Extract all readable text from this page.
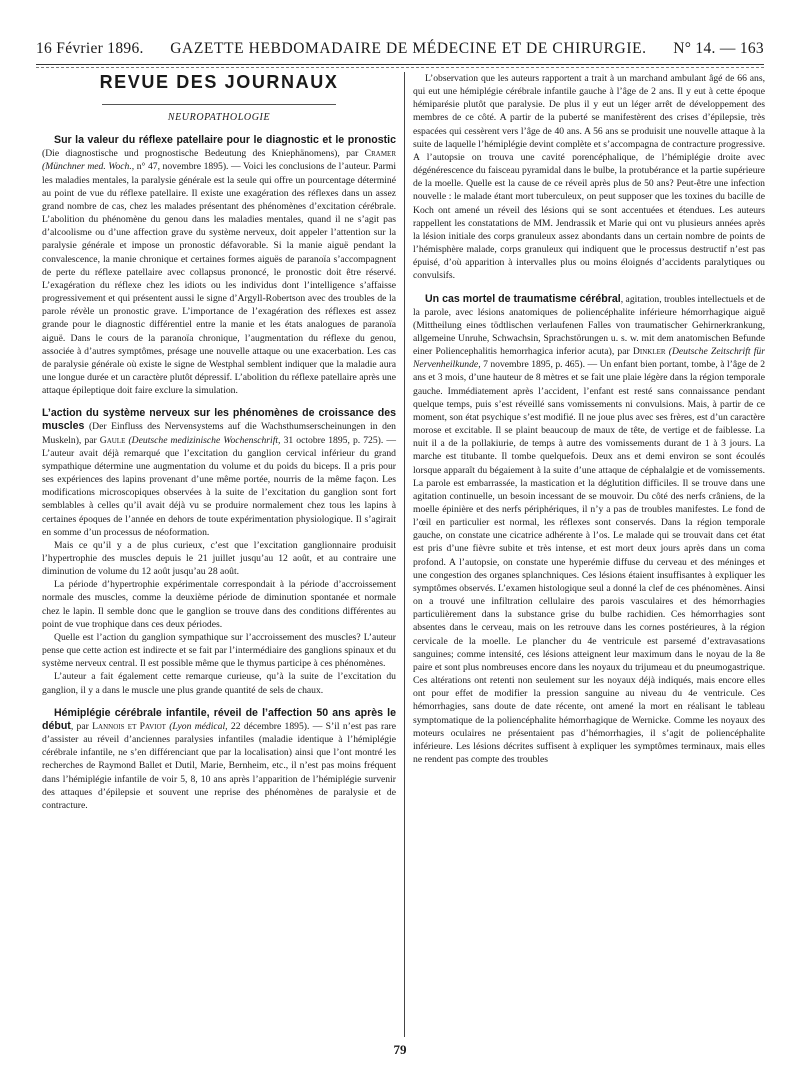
16 Février 1896. GAZETTE HEBDOMADAIRE DE MÉDECINE ET DE CHIRURGIE. N° 14. — 163
REVUE DES JOURNAUX
NEUROPATHOLOGIE

Sur la valeur du réflexe patellaire pour le diagnostic et le pronostic (Die diagnostische und prognostische Bedeutung des Kniephänomens), par Cramer (Münchner med. Woch., n° 47, novembre 1895). — Voici les conclusions de l’auteur. Parmi les maladies mentales, la paralysie générale est la seule qui offre un pourcentage déterminé au point de vue du réflexe patellaire. Il existe une exagération des réflexes dans un assez grand nombre de cas, chez les malades présentant des phénomènes d’excitation cérébrale. L’abolition du phénomène du genou dans les maladies mentales, quand il ne s’agit pas d’alcoolisme ou d’une affection grave du système nerveux, doit appeler l’attention sur la paralysie générale et impose un pronostic défavorable. Si la manie aiguë pendant la convalescence, la manie chronique et certaines formes aiguës de paranoïa s’accompagnent de perte du réflexe patellaire avec collapsus prononcé, le pronostic doit être réservé. L’exagération du réflexe chez les idiots ou les individus dont l’intelligence s’affaisse progressivement et qui présentent aussi le signe d’Argyll-Robertson avec des troubles de la parole révèle un pronostic grave. L’importance de l’exagération des réflexes est assez grande pour le diagnostic différentiel entre la manie et les états analogues de paranoïa aiguë. Dans le cours de la paranoïa chronique, l’augmentation du réflexe du genou, associée à d’autres symptômes, présage une nouvelle attaque ou une exacerbation. Les cas de paralysie générale où existe le signe de Westphal semblent indiquer que la maladie aura une longue durée et un caractère plutôt dépressif. L’abolition du réflexe patellaire après une attaque épileptique doit faire exclure la simulation.

L’action du système nerveux sur les phénomènes de croissance des muscles (Der Einfluss des Nervensystems auf die Wachsthumserscheinungen in den Muskeln), par Gaule (Deutsche medizinische Wochenschrift, 31 octobre 1895, p. 725). — L’auteur avait déjà remarqué que l’excitation du ganglion cervical inférieur du grand sympathique détermine une augmentation du volume et du poids du biceps. Il a pris pour ses expériences des lapins provenant d’une même portée, nourris de la même façon. Les modifications microscopiques observées à la suite de l’excitation du ganglion sont fort semblables à celles qu’il avait déjà vu se produire normalement chez tous les lapins à certaines époques de l’année en dehors de toute expérimentation physiologique. Il s’agirait en somme d’un processus de néoformation.

Mais ce qu’il y a de plus curieux, c’est que l’excitation ganglionnaire produisit l’hypertrophie des muscles depuis le 21 juillet jusqu’au 12 août, et au contraire une diminution de volume du 12 août jusqu’au 28 août.

La période d’hypertrophie expérimentale correspondait à la période d’accroissement normale des muscles, comme la deuxième période de diminution spontanée et normale chez le lapin. Il semble donc que le ganglion se trouve dans des conditions différentes au point de vue trophique dans ces deux périodes.

Quelle est l’action du ganglion sympathique sur l’accroissement des muscles? L’auteur pense que cette action est indirecte et se fait par l’intermédiaire des ganglions spinaux et du système nerveux central. Il est possible même que le thymus participe à ces phénomènes.

L’auteur a fait également cette remarque curieuse, qu’à la suite de l’excitation du ganglion, il y a dans le muscle une plus grande quantité de sels de chaux.

Hémiplégie cérébrale infantile, réveil de l’affection 50 ans après le début, par Lannois et Paviot (Lyon médical, 22 décembre 1895). — S’il n’est pas rare d’assister au réveil d’anciennes paralysies infantiles (maladie identique à l’hémiplégie cérébrale infantile, ne s’en différenciant que par la localisation) ainsi que l’ont montré les recherches de Raymond Ballet et Dutil, Marie, Bernheim, etc., il n’est pas moins fréquent dans l’hémiplégie infantile de voir 5, 8, 10 ans après l’apparition de l’hémiplégie survenir des attaques d’épilepsie et souvent une reprise des phénomènes de paralysie et de contracture.

L’observation que les auteurs rapportent a trait à un marchand ambulant âgé de 66 ans, qui eut une hémiplégie cérébrale infantile gauche à l’âge de 2 ans. Il y eut à cette époque hémiparésie plutôt que paralysie. De plus il y eut un léger arrêt de développement des membres de ce côté. A partir de la puberté se manifestèrent des crises d’épilepsie, très espacées qui cessèrent vers l’âge de 40 ans. A 56 ans se produisit une nouvelle attaque à la suite de laquelle l’hémiplégie devint complète et s’accompagna de contracture progressive. A l’autopsie on trouva une cavité porencéphalique, de l’hémiplégie droite avec dégénérescence du faisceau pyramidal dans le bulbe, la protubérance et la partie supérieure de la moelle. Quelle est la cause de ce réveil après plus de 50 ans? Peut-être une infection nouvelle : le malade étant mort tuberculeux, on peut supposer que les toxines du bacille de Koch ont amené un réveil des lésions qui se sont accentuées et étendues. Les auteurs rappellent les constatations de MM. Jendrassik et Marie qui ont vu plusieurs années après la lésion initiale des corps granuleux assez abondants dans un certain nombre de points de l’hémisphère malade, corps granuleux qui indiquent que le processus destructif n’est pas épuisé, d’où apparition à intervalles plus ou moins éloignés d’accidents paralytiques ou convulsifs.

Un cas mortel de traumatisme cérébral, agitation, troubles intellectuels et de la parole, avec lésions anatomiques de poliencéphalite inférieure hémorrhagique aiguë (Mittheilung eines tödtlischen verlaufenen Falles von traumatischer Gehirnerkrankung, allgemeine Unruhe, Schwachsin, Sprachstörungen u. s. w. mit dem anatomischen Befunde einer Poliencephalitis hemorrhagica inferior acuta), par Dinkler (Deutsche Zeitschrift für Nervenheilkunde, 7 novembre 1895, p. 465). — Un enfant bien portant, tombe, à l’âge de 2 ans et 3 mois, d’une hauteur de 8 mètres et se fait une plaie légère dans la région temporale gauche. Immédiatement après l’accident, l’enfant est resté sans connaissance pendant quelque temps, puis s’est réveillé sans vomissements ni convulsions. Mais, à partir de ce moment, son état psychique s’est modifié. Il ne joue plus avec ses frères, est d’un caractère morose et excitable. Il se plaint beaucoup de maux de tête, de vertige et de faiblesse. La nuit il a de la pollakiurie, de temps à autre des vomissements durant de 1 à 3 jours. La marche est titubante. Il tombe quelquefois. Deux ans et demi environ se sont écoulés lorsque apparaît du bégaiement à la suite d’une attaque de céphalalgie et de vomissements. La parole est embarrassée, la mastication et la déglutition difficiles. Il se trouve dans une agitation continuelle, un besoin incessant de se mouvoir. Du côté des nerfs crâniens, de la moelle épinière et des nerfs périphériques, il n’y a pas de troubles manifestes. Le fond de l’œil en particulier est normal, les réflexes sont conservés. Dans la région temporale gauche, on constate une cicatrice adhérente à l’os. Le malade qui se trouvait dans cet état est pris d’une fièvre subite et très intense, et est mort deux jours après dans un coma profond. A l’autopsie, on constate une hyperémie diffuse du cerveau et des méninges et une congestion des organes splanchniques. Ces lésions étaient insuffisantes à expliquer les symptômes observés. L’examen histologique seul a donné la clef de ces phénomènes. Ainsi on a trouvé une infiltration cellulaire des parois vasculaires et des hémorrhagies particulièrement dans la substance grise du bulbe rachidien. Ces hémorrhagies sont absentes dans le cerveau, mais on les retrouve dans les cornes postérieures, à la région cervicale de la moelle. Le plancher du 4e ventricule est parsemé d’extravasations sanguines; comme intensité, ces lésions atteignent leur maximum dans le noyau de la 8e paire et sont plus nombreuses encore dans les noyaux du trijumeau et du pneumogastrique. Ces altérations ont retenti non seulement sur les noyaux déjà indiqués, mais encore elles ont pour effet de modifier la pression sanguine au niveau du 4e ventricule. Ces hémorrhagies, sans doute de date récente, ont amené la mort en réalisant le tableau symptomatique de la poliencéphalite hémorrhagique de Wernicke. Comme les noyaux des moteurs oculaires ne présentaient pas d’hémorrhagies, il s’agit de poliencéphalite inférieure. Les lésions décrites suffisent à expliquer les symptômes terminaux, mais elles ne rendent pas compte des troubles

79
